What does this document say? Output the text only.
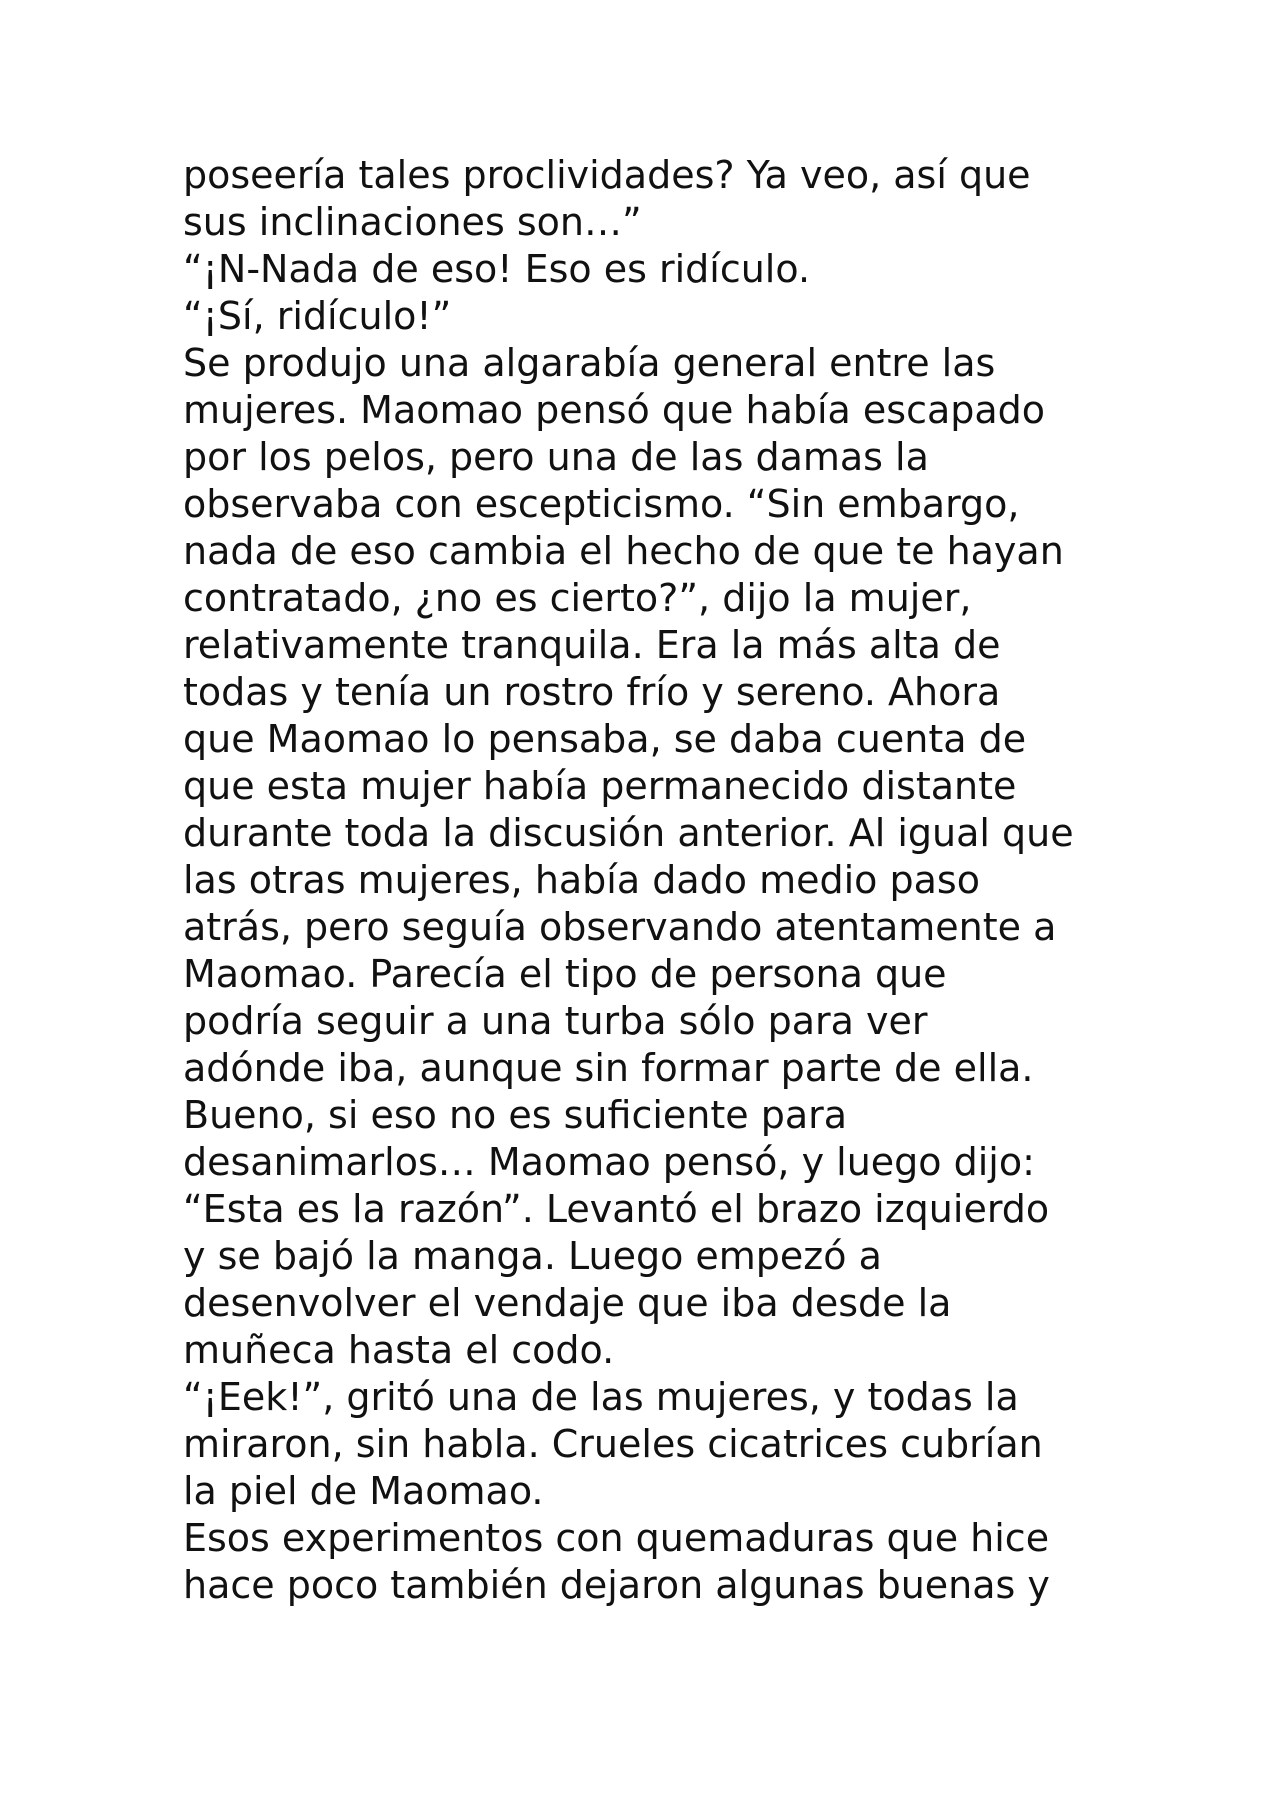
poseería tales proclividades? Ya veo, así que
sus inclinaciones son…”
“¡N-Nada de eso! Eso es ridículo.
“¡Sí, ridículo!”
Se produjo una algarabía general entre las
mujeres. Maomao pensó que había escapado
por los pelos, pero una de las damas la
observaba con escepticismo. “Sin embargo,
nada de eso cambia el hecho de que te hayan
contratado, ¿no es cierto?”, dijo la mujer,
relativamente tranquila. Era la más alta de
todas y tenía un rostro frío y sereno. Ahora
que Maomao lo pensaba, se daba cuenta de
que esta mujer había permanecido distante
durante toda la discusión anterior. Al igual que
las otras mujeres, había dado medio paso
atrás, pero seguía observando atentamente a
Maomao. Parecía el tipo de persona que
podría seguir a una turba sólo para ver
adónde iba, aunque sin formar parte de ella.
Bueno, si eso no es suficiente para
desanimarlos… Maomao pensó, y luego dijo:
“Esta es la razón”. Levantó el brazo izquierdo
y se bajó la manga. Luego empezó a
desenvolver el vendaje que iba desde la
muñeca hasta el codo.
“¡Eek!”, gritó una de las mujeres, y todas la
miraron, sin habla. Crueles cicatrices cubrían
la piel de Maomao.
Esos experimentos con quemaduras que hice
hace poco también dejaron algunas buenas y
